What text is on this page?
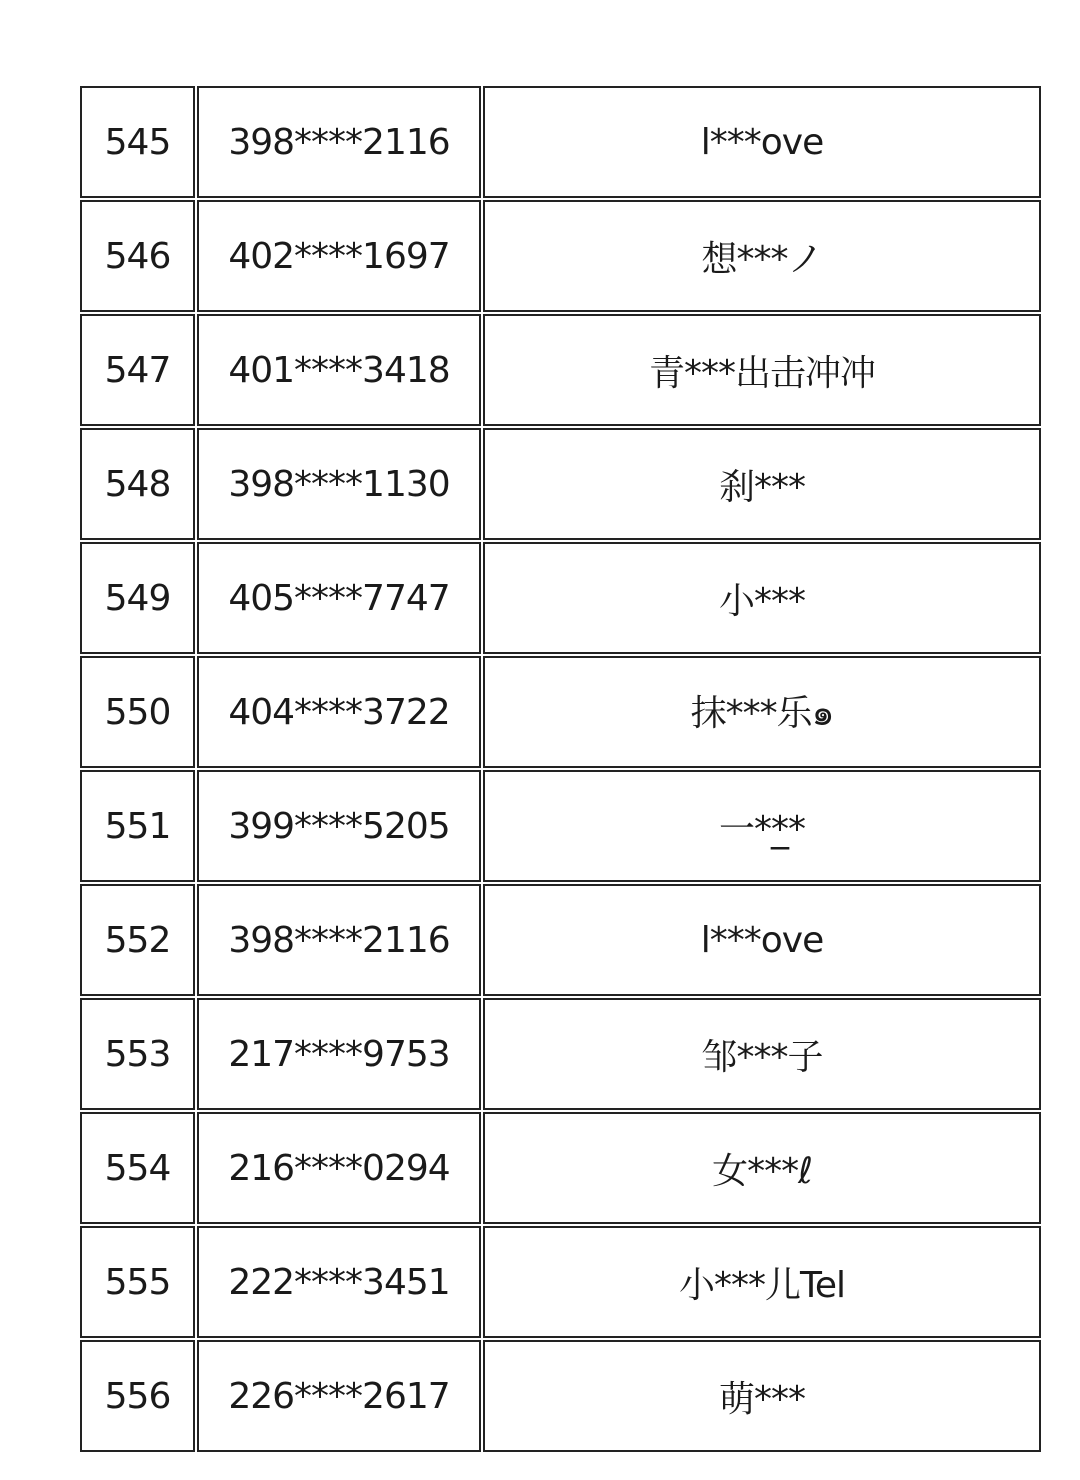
545	398****2116	l***ove
546	402****1697	想***ノ
547	401****3418	青***出击冲冲
548	398****1130	刹***
549	405****7747	小***
550	404****3722	抹***乐๑
551	399****5205	一**̲*
552	398****2116	l***ove
553	217****9753	邹***子
554	216****0294	女***ℓ
555	222****3451	小***儿Tel
556	226****2617	萌***
